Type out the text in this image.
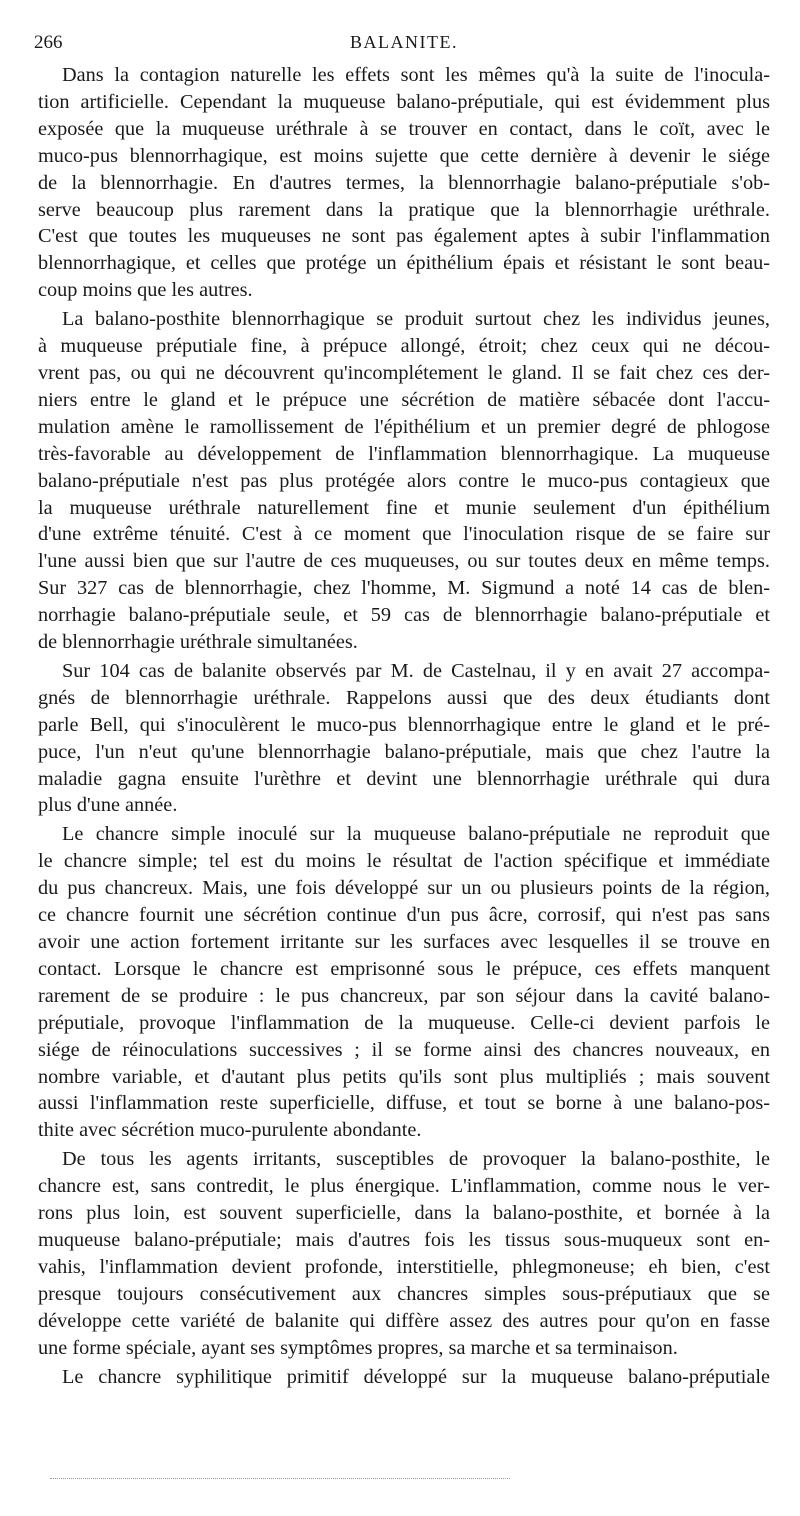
266	BALANITE.
Dans la contagion naturelle les effets sont les mêmes qu'à la suite de l'inocula-
tion artificielle. Cependant la muqueuse balano-préputiale, qui est évidemment plus
exposée que la muqueuse uréthrale à se trouver en contact, dans le coït, avec le
muco-pus blennorrhagique, est moins sujette que cette dernière à devenir le siége
de la blennorrhagie. En d'autres termes, la blennorrhagie balano-préputiale s'ob-
serve beaucoup plus rarement dans la pratique que la blennorrhagie uréthrale.
C'est que toutes les muqueuses ne sont pas également aptes à subir l'inflammation
blennorrhagique, et celles que protége un épithélium épais et résistant le sont beau-
coup moins que les autres.
La balano-posthite blennorrhagique se produit surtout chez les individus jeunes,
à muqueuse préputiale fine, à prépuce allongé, étroit; chez ceux qui ne décou-
vrent pas, ou qui ne découvrent qu'incomplétement le gland. Il se fait chez ces der-
niers entre le gland et le prépuce une sécrétion de matière sébacée dont l'accu-
mulation amène le ramollissement de l'épithélium et un premier degré de phlogose
très-favorable au développement de l'inflammation blennorrhagique. La muqueuse
balano-préputiale n'est pas plus protégée alors contre le muco-pus contagieux que
la muqueuse uréthrale naturellement fine et munie seulement d'un épithélium
d'une extrême ténuité. C'est à ce moment que l'inoculation risque de se faire sur
l'une aussi bien que sur l'autre de ces muqueuses, ou sur toutes deux en même temps.
Sur 327 cas de blennorrhagie, chez l'homme, M. Sigmund a noté 14 cas de blen-
norrhagie balano-préputiale seule, et 59 cas de blennorrhagie balano-préputiale et
de blennorrhagie uréthrale simultanées.
Sur 104 cas de balanite observés par M. de Castelnau, il y en avait 27 accompa-
gnés de blennorrhagie uréthrale. Rappelons aussi que des deux étudiants dont
parle Bell, qui s'inoculèrent le muco-pus blennorrhagique entre le gland et le pré-
puce, l'un n'eut qu'une blennorrhagie balano-préputiale, mais que chez l'autre la
maladie gagna ensuite l'urèthre et devint une blennorrhagie uréthrale qui dura
plus d'une année.
Le chancre simple inoculé sur la muqueuse balano-préputiale ne reproduit que
le chancre simple; tel est du moins le résultat de l'action spécifique et immédiate
du pus chancreux. Mais, une fois développé sur un ou plusieurs points de la région,
ce chancre fournit une sécrétion continue d'un pus âcre, corrosif, qui n'est pas sans
avoir une action fortement irritante sur les surfaces avec lesquelles il se trouve en
contact. Lorsque le chancre est emprisonné sous le prépuce, ces effets manquent
rarement de se produire : le pus chancreux, par son séjour dans la cavité balano-
préputiale, provoque l'inflammation de la muqueuse. Celle-ci devient parfois le
siége de réinoculations successives ; il se forme ainsi des chancres nouveaux, en
nombre variable, et d'autant plus petits qu'ils sont plus multipliés ; mais souvent
aussi l'inflammation reste superficielle, diffuse, et tout se borne à une balano-pos-
thite avec sécrétion muco-purulente abondante.
De tous les agents irritants, susceptibles de provoquer la balano-posthite, le
chancre est, sans contredit, le plus énergique. L'inflammation, comme nous le ver-
rons plus loin, est souvent superficielle, dans la balano-posthite, et bornée à la
muqueuse balano-préputiale; mais d'autres fois les tissus sous-muqueux sont en-
vahis, l'inflammation devient profonde, interstitielle, phlegmoneuse; eh bien, c'est
presque toujours consécutivement aux chancres simples sous-préputiaux que se
développe cette variété de balanite qui diffère assez des autres pour qu'on en fasse
une forme spéciale, ayant ses symptômes propres, sa marche et sa terminaison.
Le chancre syphilitique primitif développé sur la muqueuse balano-préputiale
